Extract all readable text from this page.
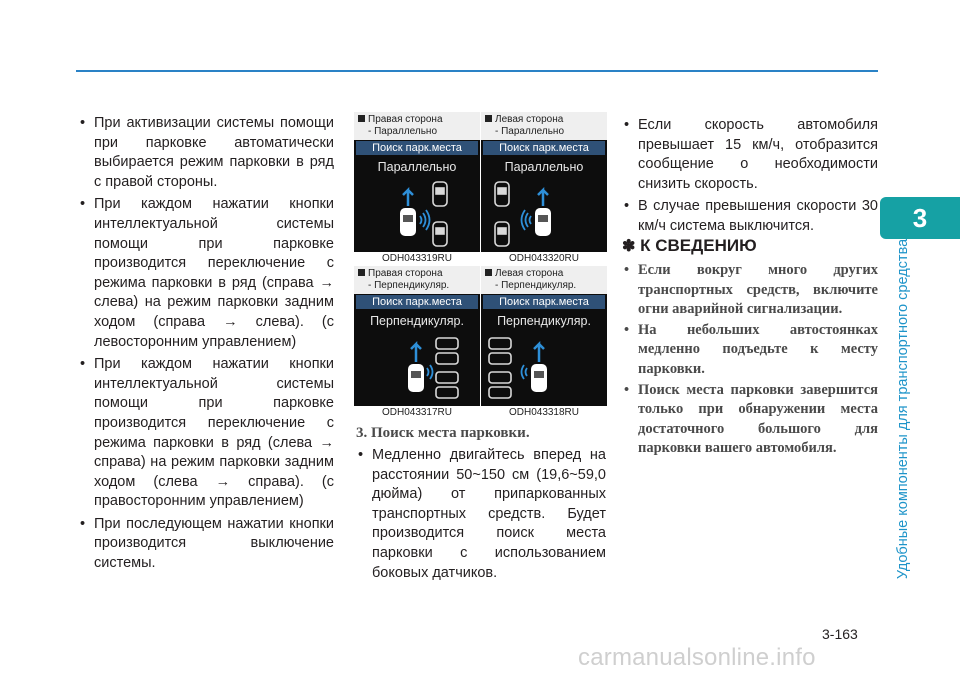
3
Удобные компоненты для транспортного средства
• При активизации системы помощи при парковке автоматически выбирается режим парковки в ряд с правой стороны.
• При каждом нажатии кнопки интеллектуальной системы помощи при парковке производится переключение с режима парковки в ряд (справа → слева) на режим парковки задним ходом (справа → слева). (с левосторонним управлением)
• При каждом нажатии кнопки интеллектуальной системы помощи при парковке производится переключение с режима парковки в ряд (слева → справа) на режим парковки задним ходом (слева → справа). (с правосторонним управлением)
• При последующем нажатии кнопки производится выключение системы.
Правая сторона
- Параллельно
Поиск парк.места
Параллельно
ODH043319RU
Левая сторона
- Параллельно
Поиск парк.места
Параллельно
ODH043320RU
Правая сторона
- Перпендикуляр.
Поиск парк.места
Перпендикуляр.
ODH043317RU
Левая сторона
- Перпендикуляр.
Поиск парк.места
Перпендикуляр.
ODH043318RU
3. Поиск места парковки.
• Медленно двигайтесь вперед на расстоянии 50~150 см (19,6~59,0 дюйма) от припаркованных транспортных средств. Будет производится поиск места парковки с использованием боковых датчиков.
• Если скорость автомобиля превышает 15 км/ч, отобразится сообщение о необходимости снизить скорость.
• В случае превышения скорости 30 км/ч система выключится.
✽ К СВЕДЕНИЮ
• Если вокруг много других транспортных средств, включите огни аварийной сигнализации.
• На небольших автостоянках медленно подъедьте к месту парковки.
• Поиск места парковки завершится только при обнаружении места достаточного большого для парковки вашего автомобиля.
3-163
carmanualsonline.info
